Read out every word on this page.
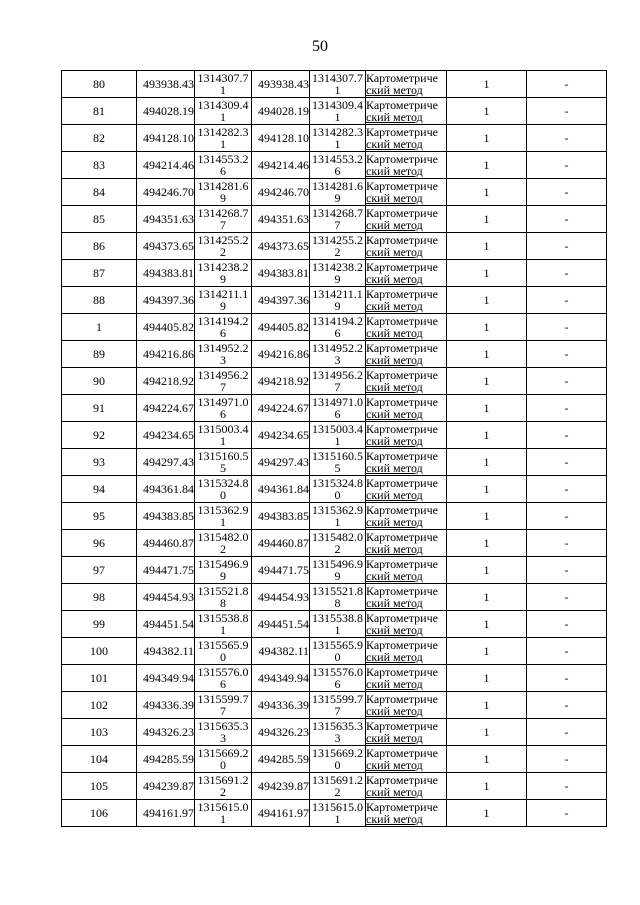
50
80	493938.43	1314307.71	493938.43	1314307.71	Картометриче
ский метод	1	-
81	494028.19	1314309.41	494028.19	1314309.41	Картометриче
ский метод	1	-
82	494128.10	1314282.31	494128.10	1314282.31	Картометриче
ский метод	1	-
83	494214.46	1314553.26	494214.46	1314553.26	Картометриче
ский метод	1	-
84	494246.70	1314281.69	494246.70	1314281.69	Картометриче
ский метод	1	-
85	494351.63	1314268.77	494351.63	1314268.77	Картометриче
ский метод	1	-
86	494373.65	1314255.22	494373.65	1314255.22	Картометриче
ский метод	1	-
87	494383.81	1314238.29	494383.81	1314238.29	Картометриче
ский метод	1	-
88	494397.36	1314211.19	494397.36	1314211.19	Картометриче
ский метод	1	-
1	494405.82	1314194.26	494405.82	1314194.26	Картометриче
ский метод	1	-
89	494216.86	1314952.23	494216.86	1314952.23	Картометриче
ский метод	1	-
90	494218.92	1314956.27	494218.92	1314956.27	Картометриче
ский метод	1	-
91	494224.67	1314971.06	494224.67	1314971.06	Картометриче
ский метод	1	-
92	494234.65	1315003.41	494234.65	1315003.41	Картометриче
ский метод	1	-
93	494297.43	1315160.55	494297.43	1315160.55	Картометриче
ский метод	1	-
94	494361.84	1315324.80	494361.84	1315324.80	Картометриче
ский метод	1	-
95	494383.85	1315362.91	494383.85	1315362.91	Картометриче
ский метод	1	-
96	494460.87	1315482.02	494460.87	1315482.02	Картометриче
ский метод	1	-
97	494471.75	1315496.99	494471.75	1315496.99	Картометриче
ский метод	1	-
98	494454.93	1315521.88	494454.93	1315521.88	Картометриче
ский метод	1	-
99	494451.54	1315538.81	494451.54	1315538.81	Картометриче
ский метод	1	-
100	494382.11	1315565.90	494382.11	1315565.90	Картометриче
ский метод	1	-
101	494349.94	1315576.06	494349.94	1315576.06	Картометриче
ский метод	1	-
102	494336.39	1315599.77	494336.39	1315599.77	Картометриче
ский метод	1	-
103	494326.23	1315635.33	494326.23	1315635.33	Картометриче
ский метод	1	-
104	494285.59	1315669.20	494285.59	1315669.20	Картометриче
ский метод	1	-
105	494239.87	1315691.22	494239.87	1315691.22	Картометриче
ский метод	1	-
106	494161.97	1315615.01	494161.97	1315615.01	Картометриче
ский метод	1	-
